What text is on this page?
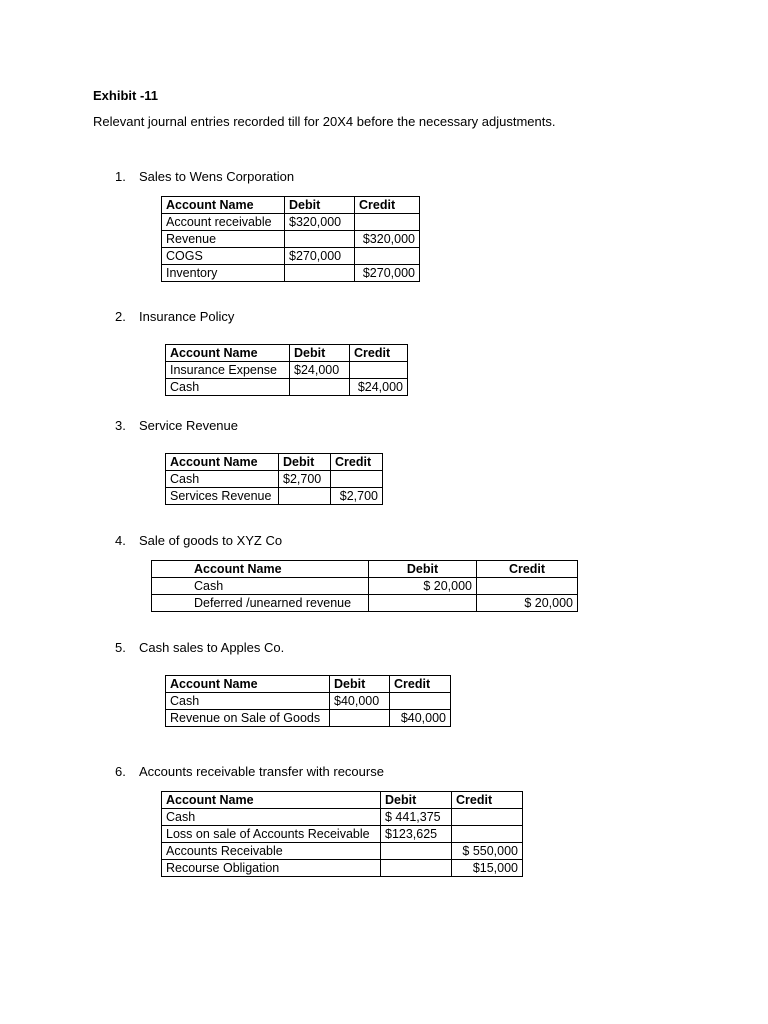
Exhibit -11
Relevant journal entries recorded till for 20X4 before the necessary adjustments.
1. Sales to Wens Corporation
Account Name	Debit	Credit
Account receivable	$320,000	
Revenue		$320,000
COGS	$270,000	
Inventory		$270,000
2. Insurance Policy
Account Name	Debit	Credit
Insurance Expense	$24,000	
Cash		$24,000
3. Service Revenue
Account Name	Debit	Credit
Cash	$2,700	
Services Revenue		$2,700
4. Sale of goods to XYZ Co
Account Name	Debit	Credit
Cash	$ 20,000	
Deferred /unearned revenue		$ 20,000
5. Cash sales to Apples Co.
Account Name	Debit	Credit
Cash	$40,000	
Revenue on Sale of Goods		$40,000
6. Accounts receivable transfer with recourse
Account Name	Debit	Credit
Cash	$ 441,375	
Loss on sale of Accounts Receivable	$123,625	
Accounts Receivable		$ 550,000
Recourse Obligation		$15,000
